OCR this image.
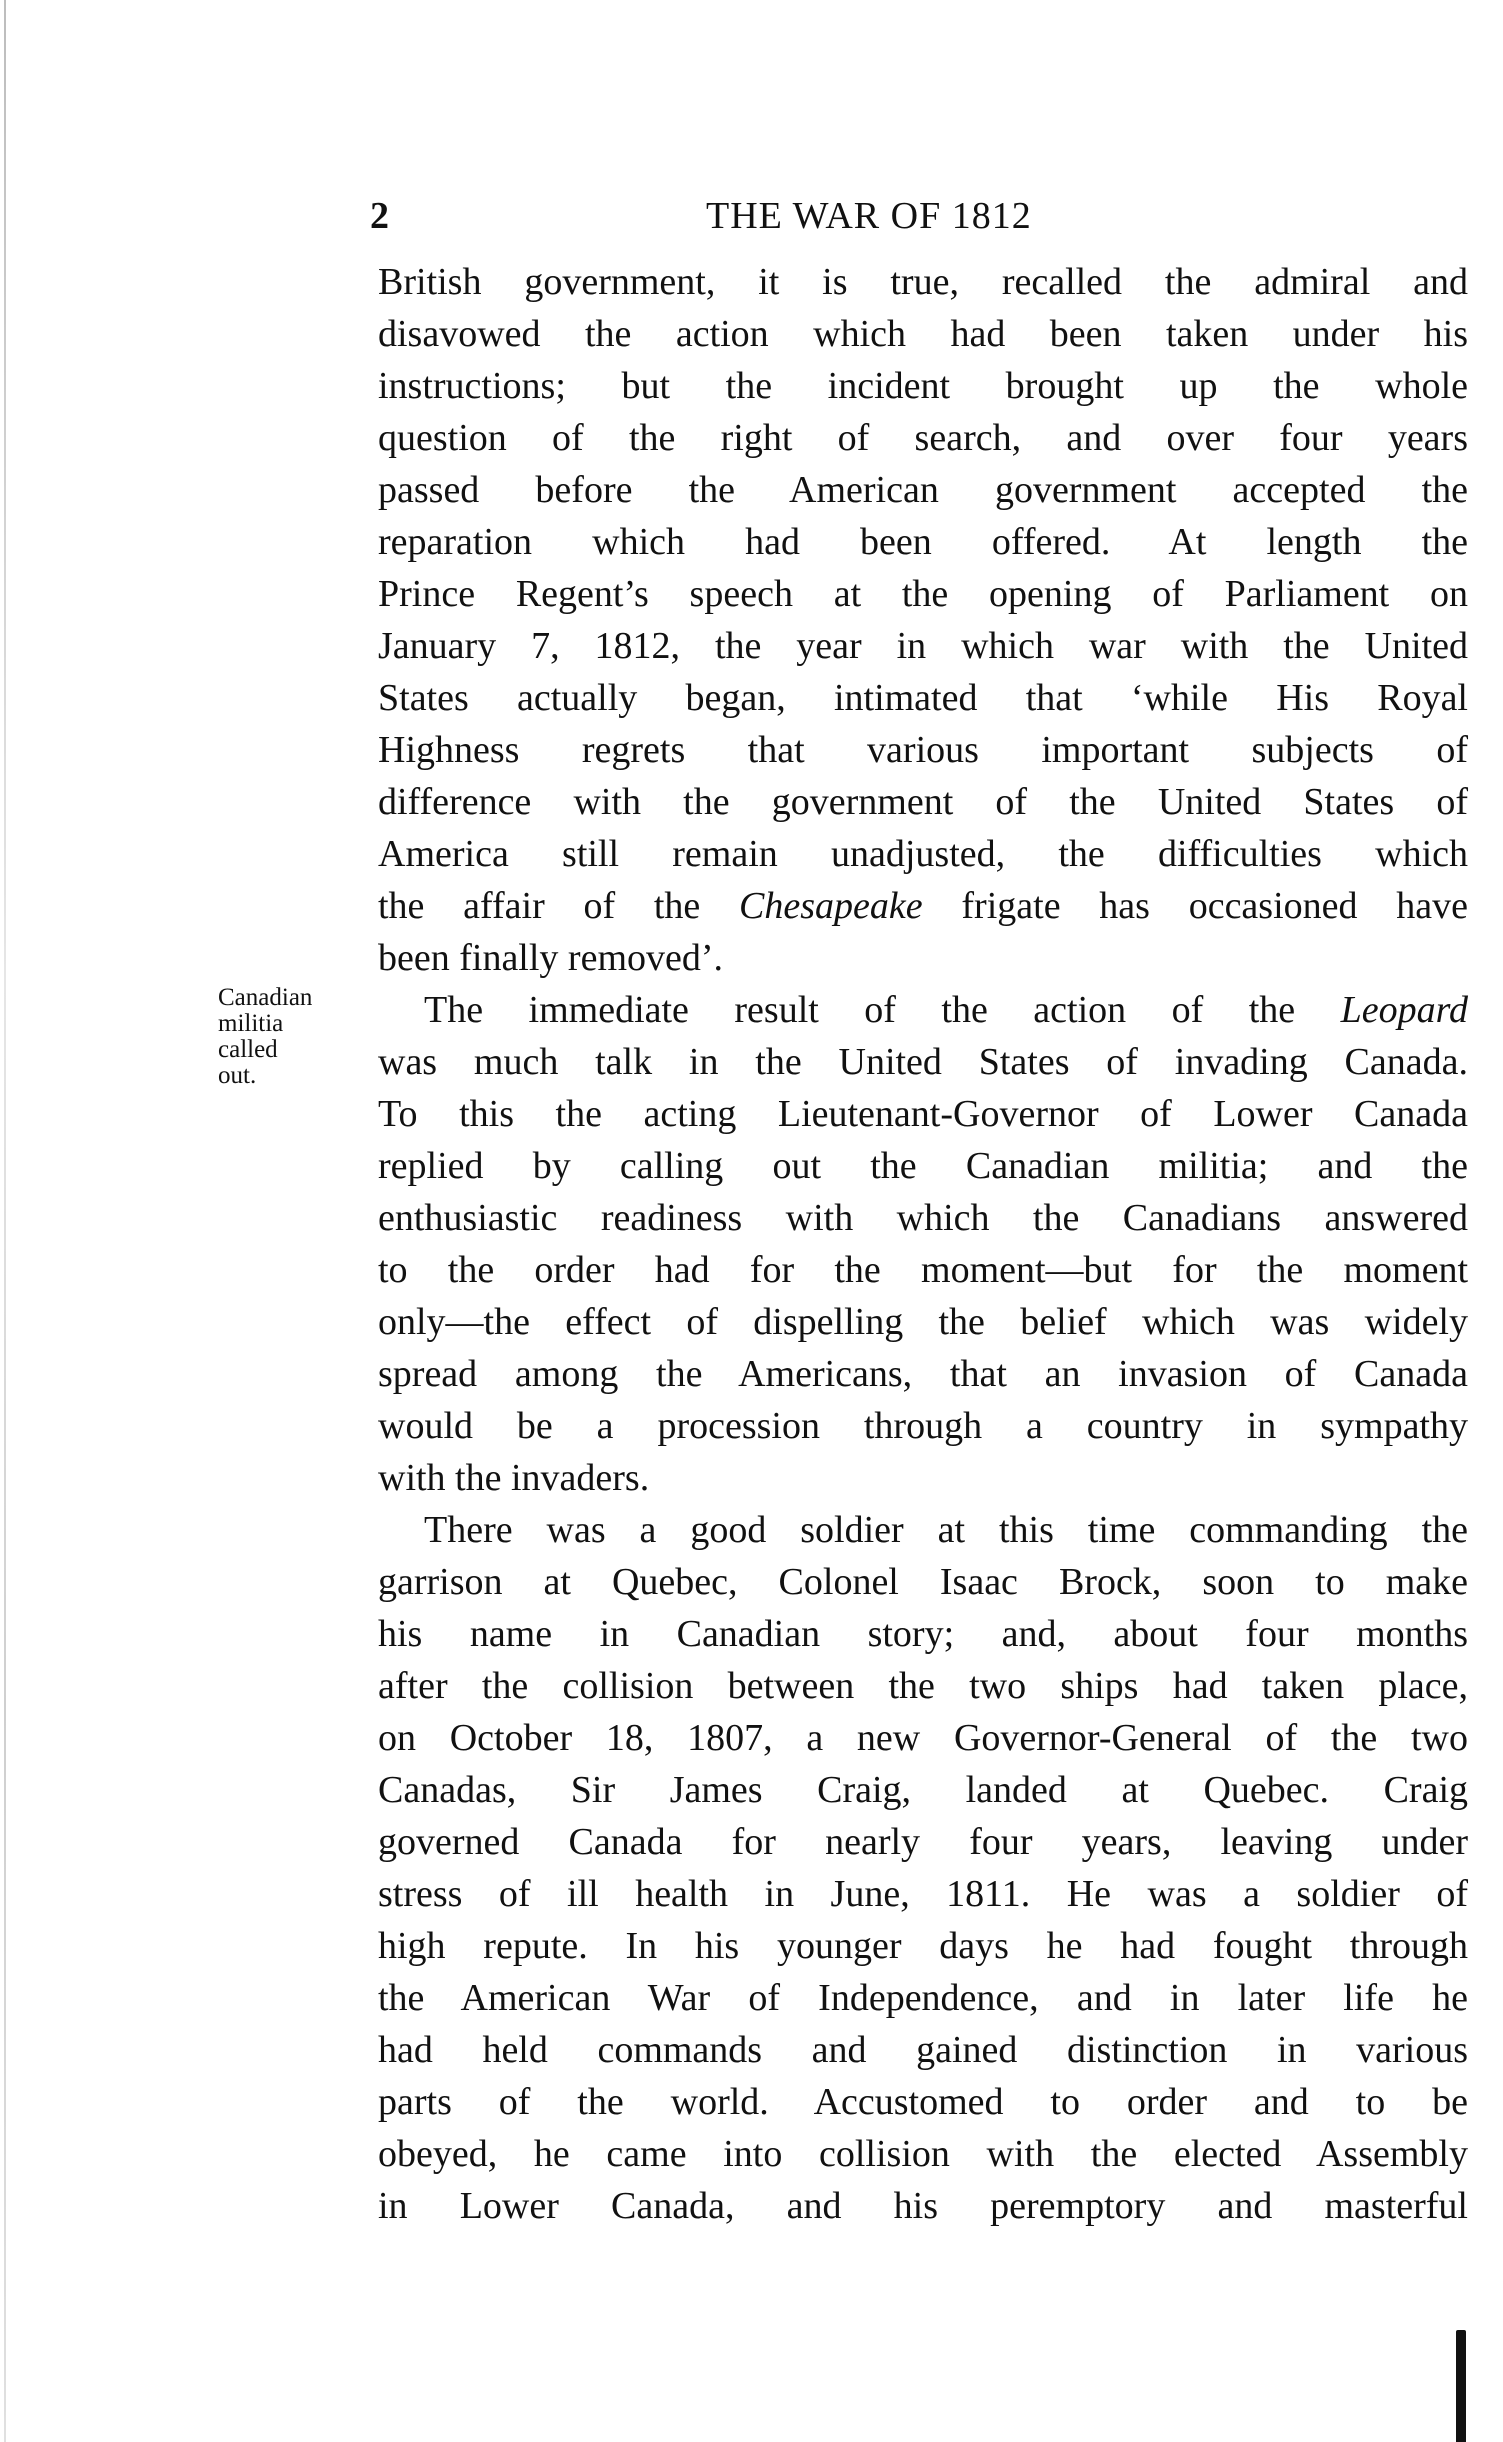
2	THE WAR OF 1812
Canadian
militia
called
out.
British government, it is true, recalled the admiral and
disavowed the action which had been taken under his
instructions; but the incident brought up the whole
question of the right of search, and over four years
passed before the American government accepted the
reparation which had been offered. At length the
Prince Regent’s speech at the opening of Parliament on
January 7, 1812, the year in which war with the United
States actually began, intimated that ‘while His Royal
Highness regrets that various important subjects of
difference with the government of the United States of
America still remain unadjusted, the difficulties which
the affair of the Chesapeake frigate has occasioned have
been finally removed’.
The immediate result of the action of the Leopard
was much talk in the United States of invading Canada.
To this the acting Lieutenant-Governor of Lower Canada
replied by calling out the Canadian militia; and the
enthusiastic readiness with which the Canadians answered
to the order had for the moment—but for the moment
only—the effect of dispelling the belief which was widely
spread among the Americans, that an invasion of Canada
would be a procession through a country in sympathy
with the invaders.
There was a good soldier at this time commanding the
garrison at Quebec, Colonel Isaac Brock, soon to make
his name in Canadian story; and, about four months
after the collision between the two ships had taken place,
on October 18, 1807, a new Governor-General of the two
Canadas, Sir James Craig, landed at Quebec. Craig
governed Canada for nearly four years, leaving under
stress of ill health in June, 1811. He was a soldier of
high repute. In his younger days he had fought through
the American War of Independence, and in later life he
had held commands and gained distinction in various
parts of the world. Accustomed to order and to be
obeyed, he came into collision with the elected Assembly
in Lower Canada, and his peremptory and masterful
